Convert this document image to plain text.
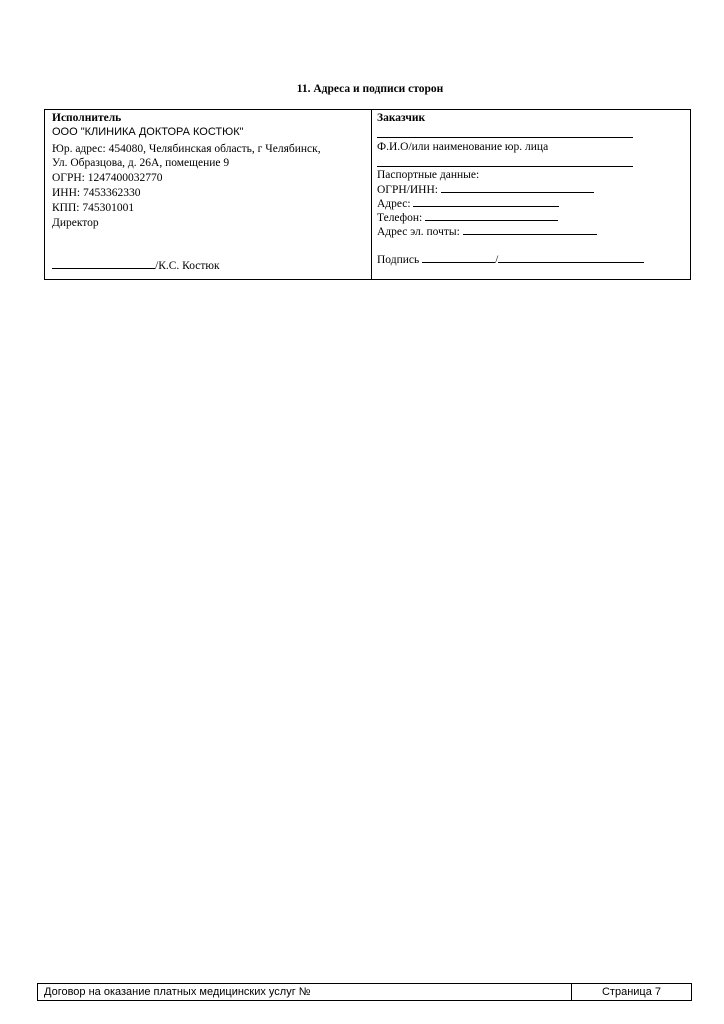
11. Адреса и подписи сторон
Исполнитель
ООО "КЛИНИКА ДОКТОРА КОСТЮК"
Юр. адрес: 454080, Челябинская область, г Челябинск,
Ул. Образцова, д. 26А, помещение 9
ОГРН: 1247400032770
ИНН: 7453362330
КПП: 745301001
Директор
/К.С. Костюк
Заказчик
Ф.И.О/или наименование юр. лица
Паспортные данные:
ОГРН/ИНН:
Адрес:
Телефон:
Адрес эл. почты:
Подпись	/
Договор на оказание платных медицинских услуг №	Страница 7
